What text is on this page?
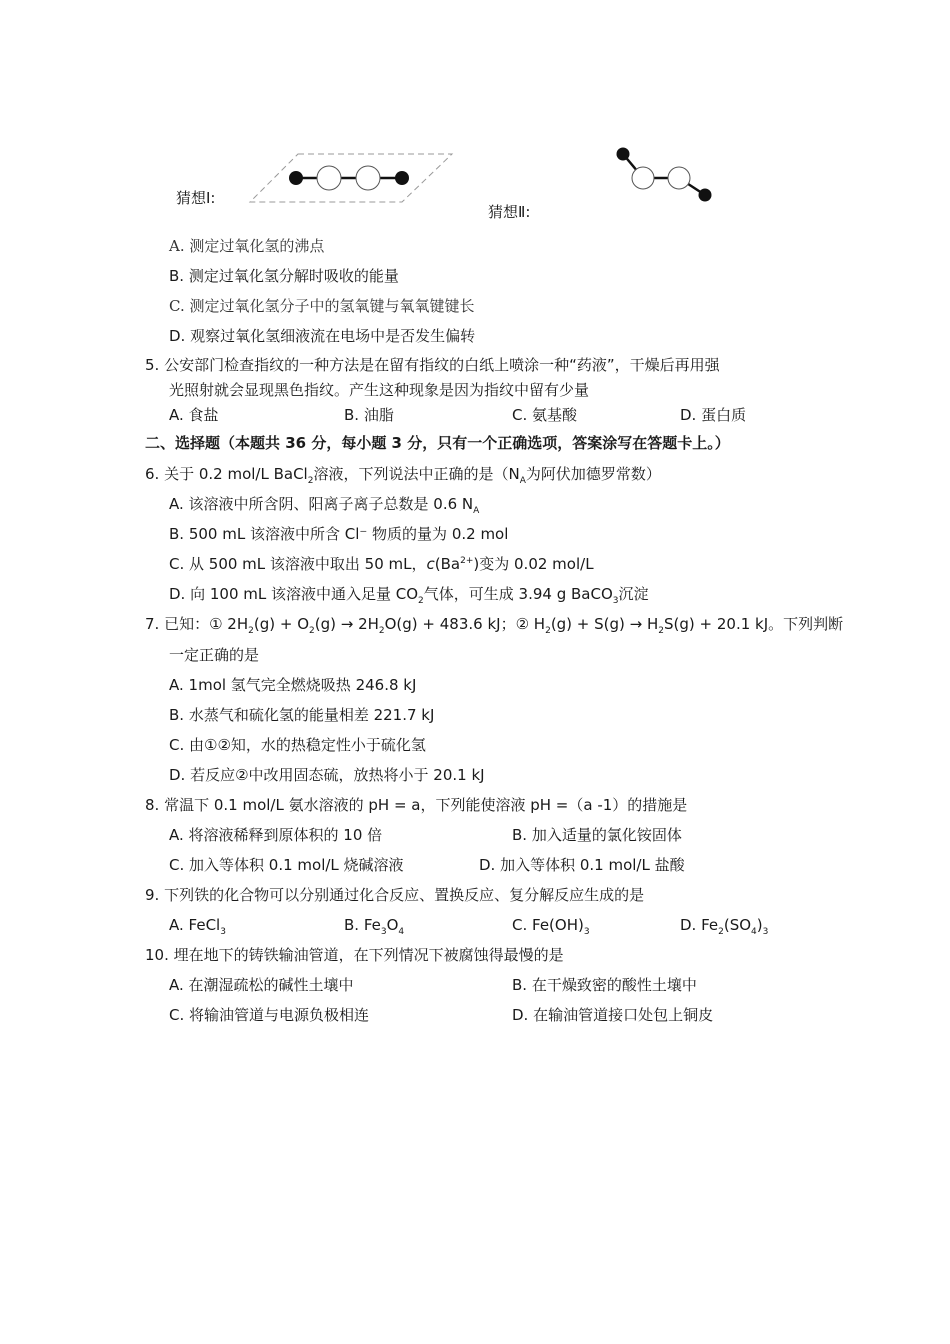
猜想Ⅰ:
猜想Ⅱ:
A. 测定过氧化氢的沸点
B. 测定过氧化氢分解时吸收的能量
C. 测定过氧化氢分子中的氢氧键与氧氧键键长
D. 观察过氧化氢细液流在电场中是否发生偏转
5. 公安部门检查指纹的一种方法是在留有指纹的白纸上喷涂一种“药液”，干燥后再用强
光照射就会显现黑色指纹。产生这种现象是因为指纹中留有少量
A. 食盐	B. 油脂	C. 氨基酸	D. 蛋白质
二、选择题（本题共 36 分，每小题 3 分，只有一个正确选项，答案涂写在答题卡上。）
6. 关于 0.2 mol/L BaCl$_2$溶液，下列说法中正确的是（$N_A$为阿伏加德罗常数）
A. 该溶液中所含阴、阳离子离子总数是 0.6 $N_A$
B. 500 mL 该溶液中所含 Cl⁻ 物质的量为 0.2 mol
C. 从 500 mL 该溶液中取出 50 mL，$c(Ba^{2+})$变为 0.02 mol/L
D. 向 100 mL 该溶液中通入足量 $CO_2$气体，可生成 3.94 g BaCO$_3$沉淀
7. 已知：① $2H_2(g) + O_2(g) \to 2H_2O(g) + 483.6$ kJ；② $H_2(g) + S(g) \to H_2S(g) + 20.1$ kJ。下列判断
一定正确的是
A. 1mol 氢气完全燃烧吸热 246.8 kJ
B. 水蒸气和硫化氢的能量相差 221.7 kJ
C. 由①②知，水的热稳定性小于硫化氢
D. 若反应②中改用固态硫，放热将小于 20.1 kJ
8. 常温下 0.1 mol/L 氨水溶液的 pH = a，下列能使溶液 pH =（a -1）的措施是
A. 将溶液稀释到原体积的 10 倍	B. 加入适量的氯化铵固体
C. 加入等体积 0.1 mol/L 烧碱溶液	D. 加入等体积 0.1 mol/L 盐酸
9. 下列铁的化合物可以分别通过化合反应、置换反应、复分解反应生成的是
A. FeCl$_3$	B. $Fe_3O_4$	C. $Fe(OH)_3$	D. $Fe_2(SO_4)_3$
10. 埋在地下的铸铁输油管道，在下列情况下被腐蚀得最慢的是
A. 在潮湿疏松的碱性土壤中	B. 在干燥致密的酸性土壤中
C. 将输油管道与电源负极相连	D. 在输油管道接口处包上铜皮
